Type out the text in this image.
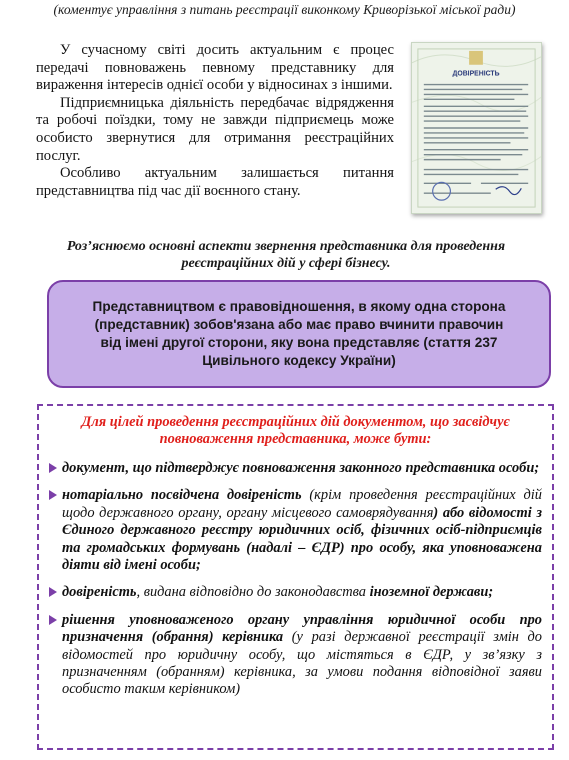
(коментує управління з питань реєстрації виконкому Криворізької міської ради)

У сучасному світі досить актуальним є процес передачі повноважень певному представнику для вираження інтересів однієї особи у відносинах з іншими.

Підприємницька діяльність передбачає відрядження та робочі поїздки, тому не завжди підприємець може особисто звернутися для отримання реєстраційних послуг.

Особливо актуальним залишається питання представництва під час дії воєнного стану.

ДОВІРЕНІСТЬ
Роз’яснюємо основні аспекти звернення представника для проведення реєстраційних дій у сфері бізнесу.
Представництвом є правовідношення, в якому одна сторона (представник) зобов'язана або має право вчинити правочин від імені другої сторони, яку вона представляє (стаття 237 Цивільного кодексу України)
Для цілей проведення реєстраційних дій документом, що засвідчує повноваження представника, може бути:
документ, що підтверджує повноваження законного представника особи;
нотаріально посвідчена довіреність (крім проведення реєстраційних дій щодо державного органу, органу місцевого самоврядування) або відомості з Єдиного державного реєстру юридичних осіб, фізичних осіб-підприємців та громадських формувань (надалі – ЄДР) про особу, яка уповноважена діяти від імені особи;
довіреність, видана відповідно до законодавства іноземної держави;
рішення уповноваженого органу управління юридичної особи про призначення (обрання) керівника (у разі державної реєстрації змін до відомостей про юридичну особу, що містяться в ЄДР, у зв’язку з призначенням (обранням) керівника, за умови подання відповідної заяви особисто таким керівником)
